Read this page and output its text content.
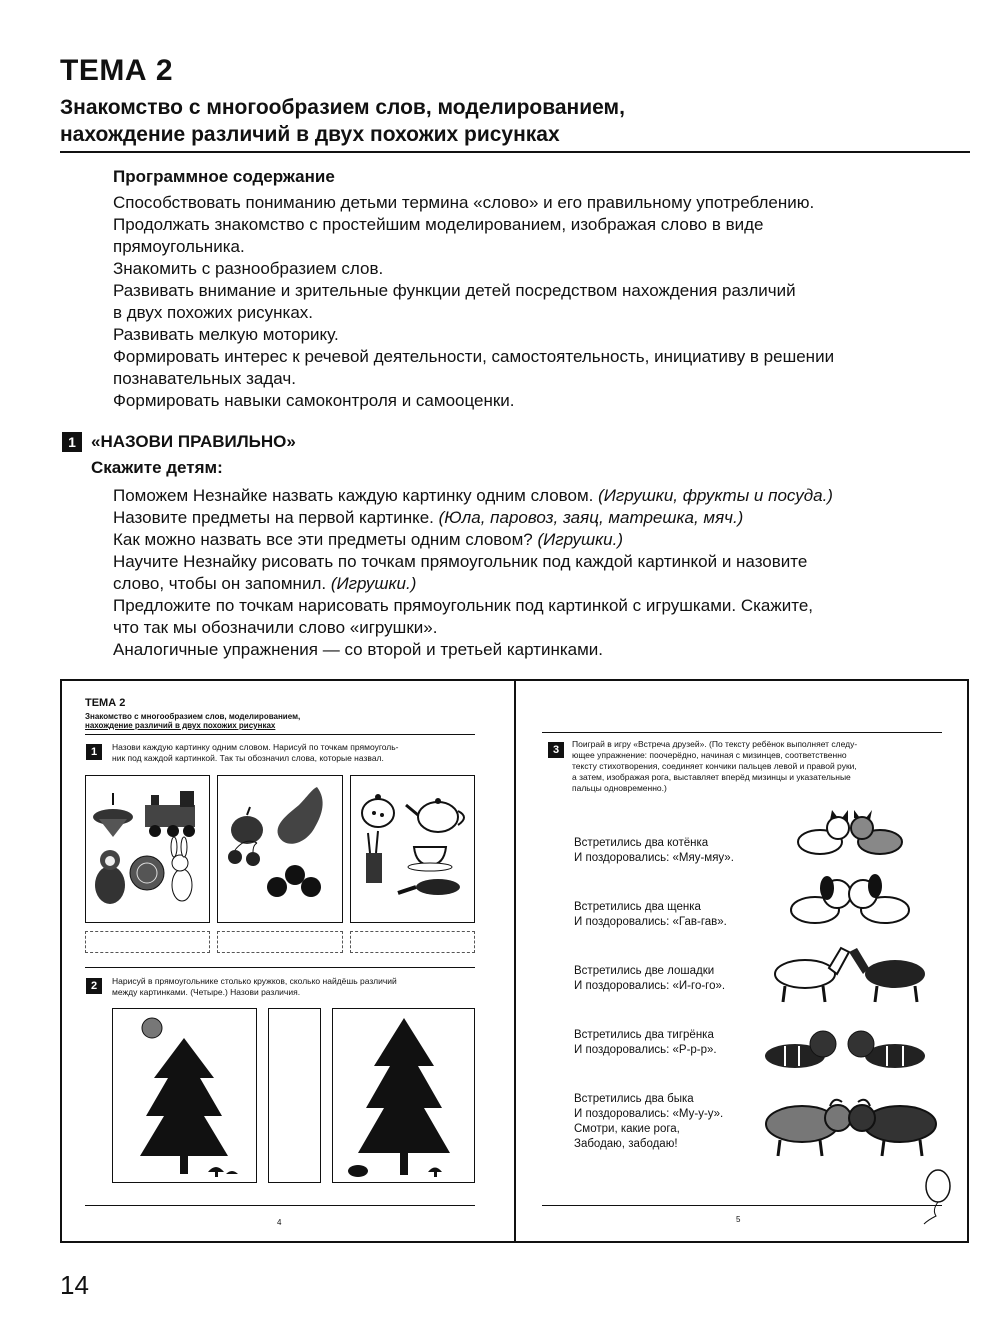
ТЕМА 2
Знакомство с многообразием слов, моделированием,
нахождение различий в двух похожих рисунках
Программное содержание
Способствовать пониманию детьми термина «слово» и его правильному употреблению.
Продолжать знакомство с простейшим моделированием, изображая слово в виде
прямоугольника.
Знакомить с разнообразием слов.
Развивать внимание и зрительные функции детей посредством нахождения различий
в двух похожих рисунках.
Развивать мелкую моторику.
Формировать интерес к речевой деятельности, самостоятельность, инициативу в решении
познавательных задач.
Формировать навыки самоконтроля и самооценки.
1 «НАЗОВИ ПРАВИЛЬНО»
Скажите детям:
Поможем Незнайке назвать каждую картинку одним словом. (Игрушки, фрукты и посуда.)
Назовите предметы на первой картинке. (Юла, паровоз, заяц, матрешка, мяч.)
Как можно назвать все эти предметы одним словом? (Игрушки.)
Научите Незнайку рисовать по точкам прямоугольник под каждой картинкой и назовите
слово, чтобы он запомнил. (Игрушки.)
Предложите по точкам нарисовать прямоугольник под картинкой с игрушками. Скажите,
что так мы обозначили слово «игрушки».
Аналогичные упражнения — со второй и третьей картинками.
ТЕМА 2
Знакомство с многообразием слов, моделированием,
нахождение различий в двух похожих рисунках
1	Назови каждую картинку одним словом. Нарисуй по точкам прямоуголь-
ник под каждой картинкой. Так ты обозначил слова, которые назвал.
2	Нарисуй в прямоугольнике столько кружков, сколько найдёшь различий
между картинками. (Четыре.) Назови различия.
4
3	Поиграй в игру «Встреча друзей». (По тексту ребёнок выполняет следу-
ющее упражнение: поочерёдно, начиная с мизинцев, соответственно
тексту стихотворения, соединяет кончики пальцев левой и правой руки,
а затем, изображая рога, выставляет вперёд мизинцы и указательные
пальцы одновременно.)
Встретились два котёнка
И поздоровались: «Мяу-мяу».
Встретились два щенка
И поздоровались: «Гав-гав».
Встретились две лошадки
И поздоровались: «И-го-го».
Встретились два тигрёнка
И поздоровались: «Р-р-р».
Встретились два быка
И поздоровались: «Му-у-у».
Смотри, какие рога,
Забодаю, забодаю!
5
14
